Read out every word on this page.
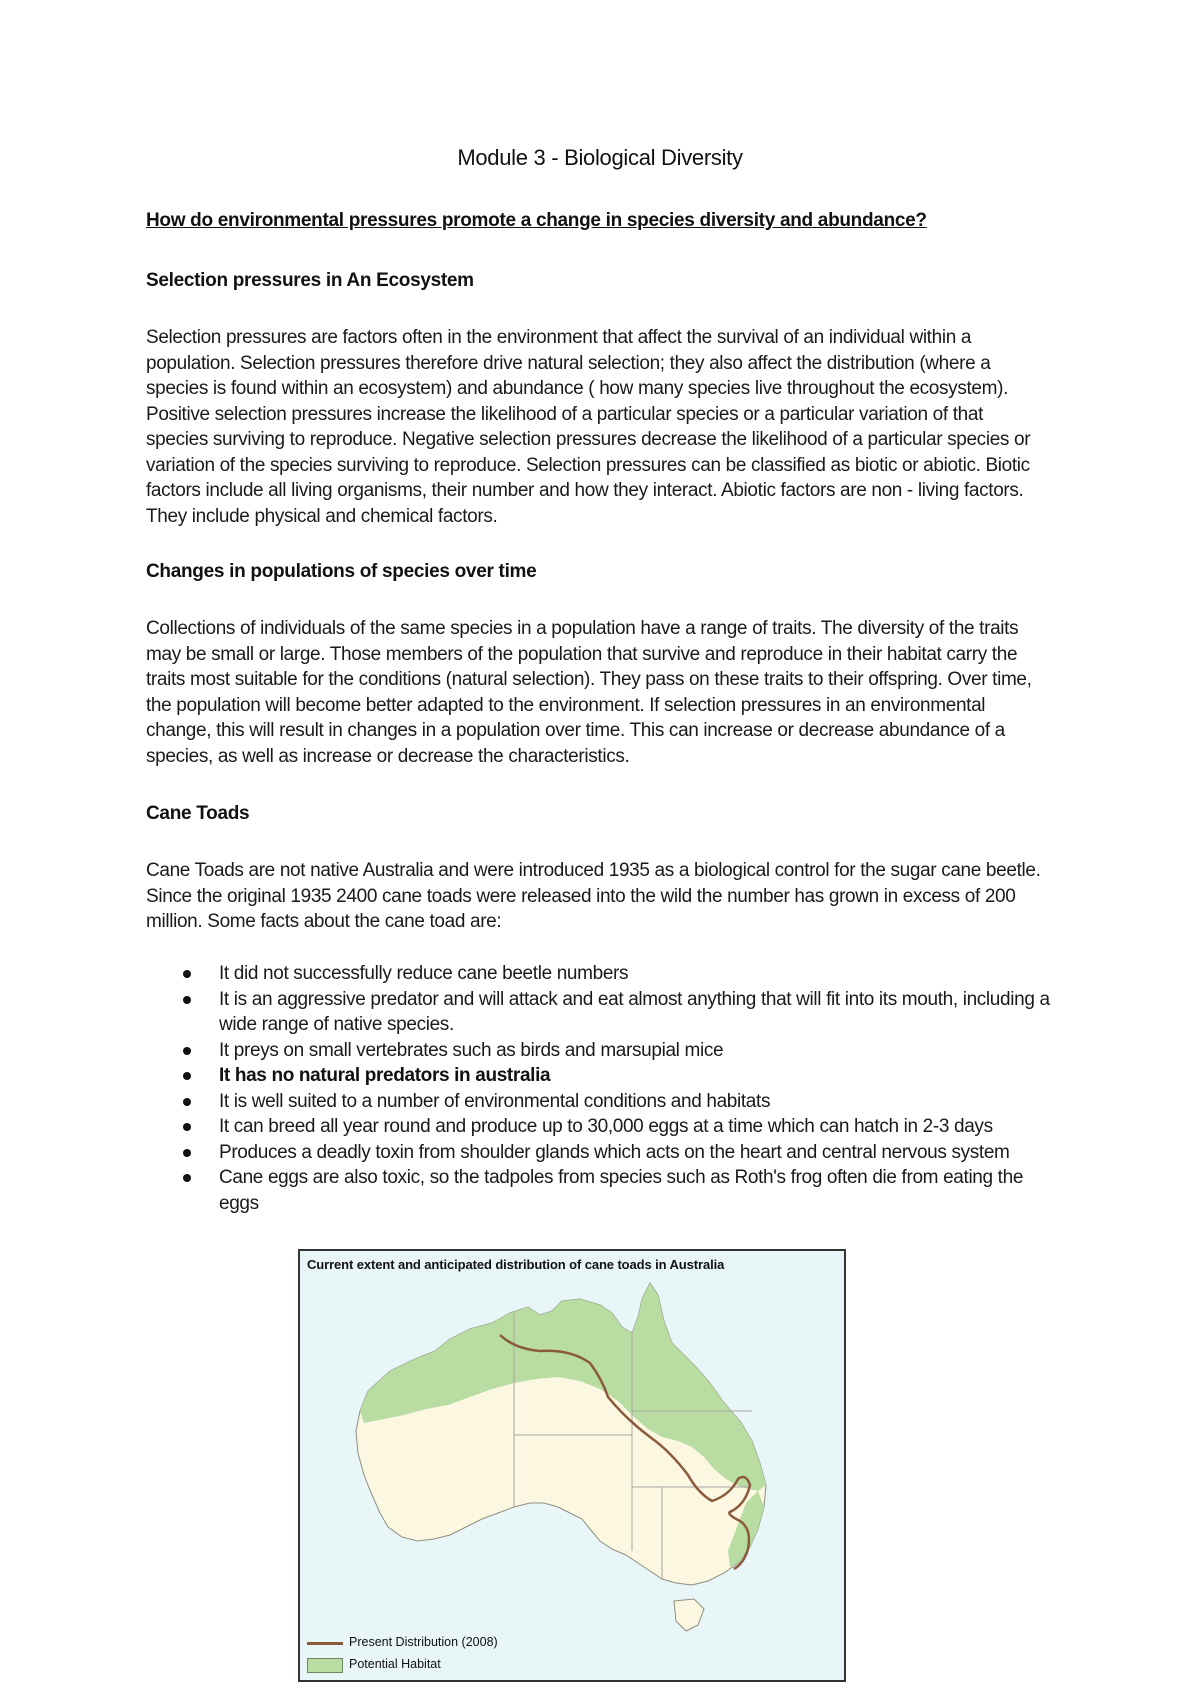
Module 3 - Biological Diversity
How do environmental pressures promote a change in species diversity and abundance?
Selection pressures in An Ecosystem
Selection pressures are factors often in the environment that affect the survival of an individual within a
population. Selection pressures therefore drive natural selection; they also affect the distribution (where a
species is found within an ecosystem) and abundance ( how many species live throughout the ecosystem).
Positive selection pressures increase the likelihood of a particular species or a particular variation of that
species surviving to reproduce. Negative selection pressures decrease the likelihood of a particular species or
variation of the species surviving to reproduce. Selection pressures can be classified as biotic or abiotic. Biotic
factors include all living organisms, their number and how they interact. Abiotic factors are non - living factors.
They include physical and chemical factors.
Changes in populations of species over time
Collections of individuals of the same species in a population have a range of traits. The diversity of the traits
may be small or large. Those members of the population that survive and reproduce in their habitat carry the
traits most suitable for the conditions (natural selection). They pass on these traits to their offspring. Over time,
the population will become better adapted to the environment. If selection pressures in an environmental
change, this will result in changes in a population over time. This can increase or decrease abundance of a
species, as well as increase or decrease the characteristics.
Cane Toads
Cane Toads are not native Australia and were introduced 1935 as a biological control for the sugar cane beetle.
Since the original 1935 2400 cane toads were released into the wild the number has grown in excess of 200
million. Some facts about the cane toad are:
It did not successfully reduce cane beetle numbers
It is an aggressive predator and will attack and eat almost anything that will fit into its mouth, including a wide range of native species.
It preys on small vertebrates such as birds and marsupial mice
It has no natural predators in australia
It is well suited to a number of environmental conditions and habitats
It can breed all year round and produce up to 30,000 eggs at a time which can hatch in 2-3 days
Produces a deadly toxin from shoulder glands which acts on the heart and central nervous system
Cane eggs are also toxic, so the tadpoles from species such as Roth's frog often die from eating the eggs
Current extent and anticipated distribution of cane toads in Australia
Present Distribution (2008)
Potential Habitat
